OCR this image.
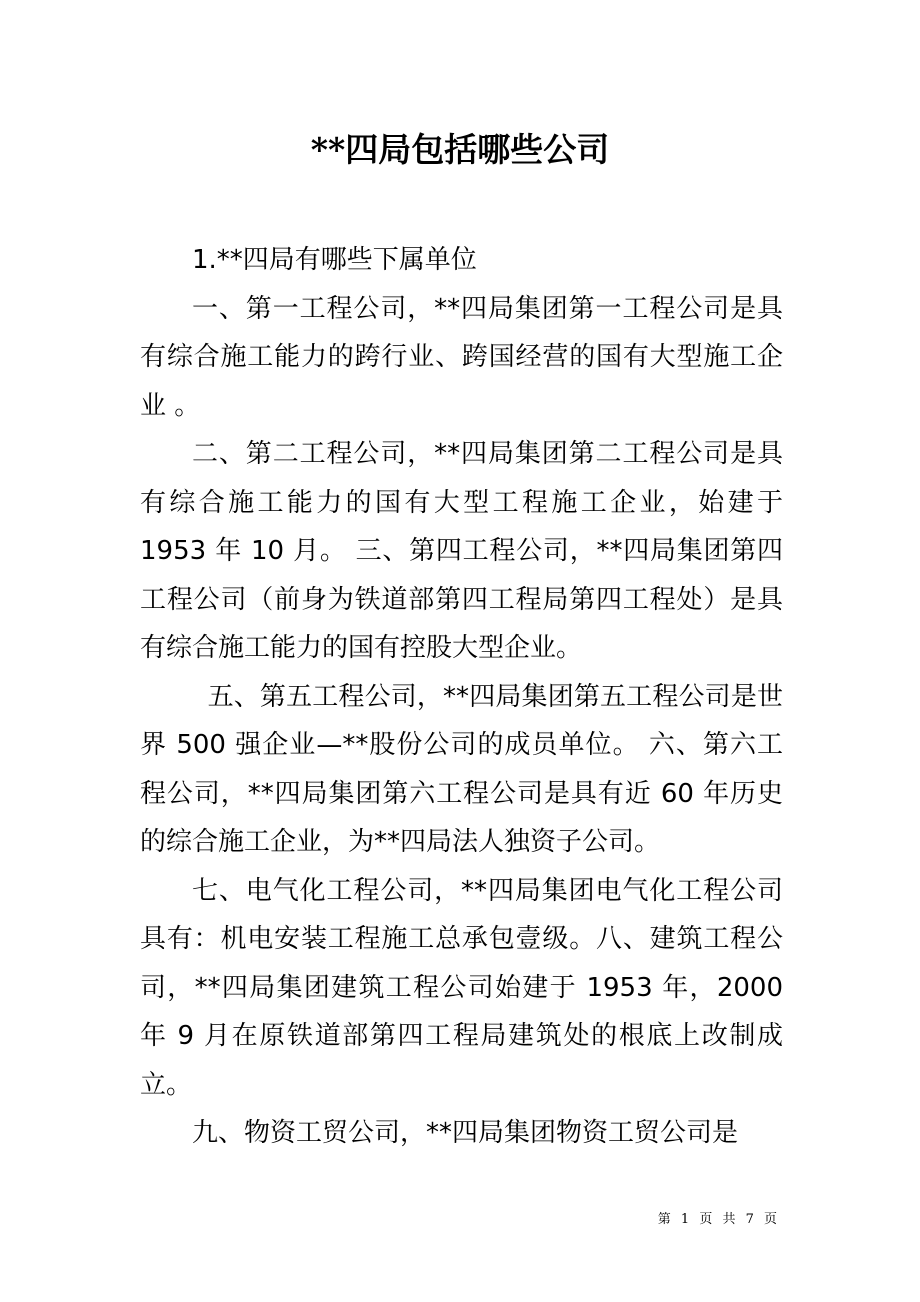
**四局包括哪些公司

1.**四局有哪些下属单位

一、第一工程公司，**四局集团第一工程公司是具有综合施工能力的跨行业、跨国经营的国有大型施工企业 。

二、第二工程公司，**四局集团第二工程公司是具有综合施工能力的国有大型工程施工企业，始建于 1953 年 10 月。 三、第四工程公司，**四局集团第四工程公司（前身为铁道部第四工程局第四工程处）是具有综合施工能力的国有控股大型企业。

五、第五工程公司，**四局集团第五工程公司是世界 500 强企业—**股份公司的成员单位。 六、第六工程公司，**四局集团第六工程公司是具有近 60 年历史的综合施工企业，为**四局法人独资子公司。

七、电气化工程公司，**四局集团电气化工程公司具有：机电安装工程施工总承包壹级。八、建筑工程公司，**四局集团建筑工程公司始建于 1953 年，2000 年 9 月在原铁道部第四工程局建筑处的根底上改制成立。

九、物资工贸公司，**四局集团物资工贸公司是

第 1 页 共 7 页
